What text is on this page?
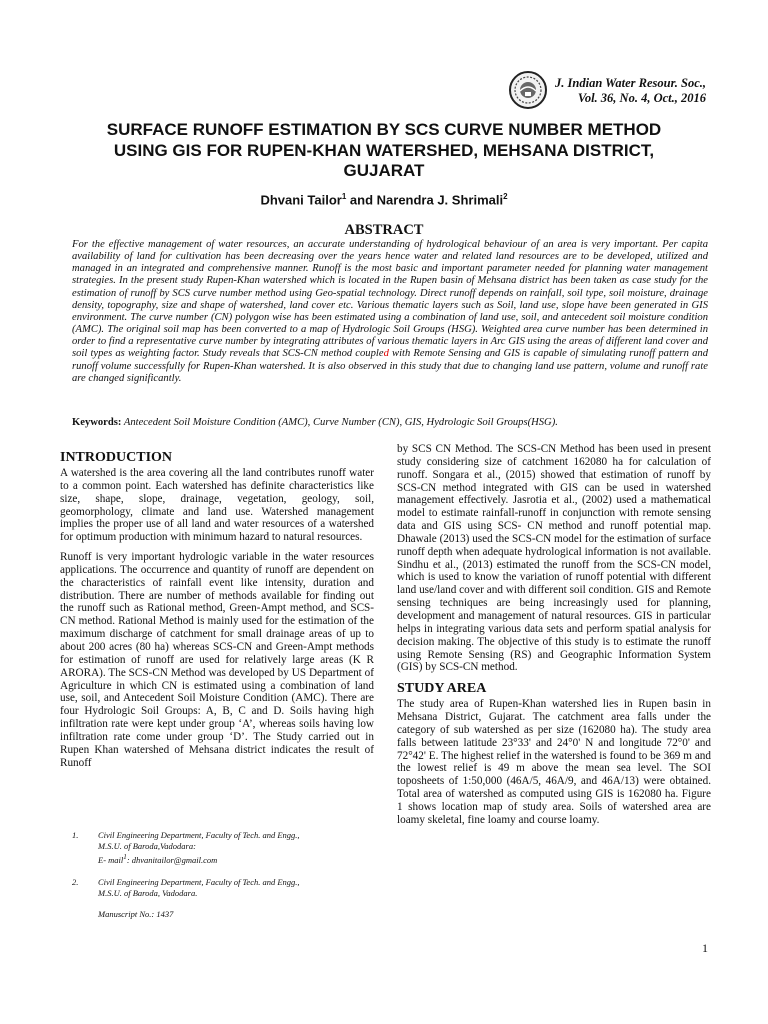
J. Indian Water Resour. Soc.,
Vol. 36, No. 4, Oct., 2016
SURFACE RUNOFF ESTIMATION BY SCS CURVE NUMBER METHOD
USING GIS FOR RUPEN-KHAN WATERSHED, MEHSANA DISTRICT,
GUJARAT
Dhvani Tailor$^1$ and Narendra J. Shrimali$^2$
ABSTRACT
For the effective management of water resources, an accurate understanding of hydrological behaviour of an area is very important. Per capita availability of land for cultivation has been decreasing over the years hence water and related land resources are to be developed, utilized and managed in an integrated and comprehensive manner. Runoff is the most basic and important parameter needed for planning water management strategies. In the present study Rupen-Khan watershed which is located in the Rupen basin of Mehsana district has been taken as case study for the estimation of runoff by SCS curve number method using Geo-spatial technology. Direct runoff depends on rainfall, soil type, soil moisture, drainage density, topography, size and shape of watershed, land cover etc. Various thematic layers such as Soil, land use, slope have been generated in GIS environment. The curve number (CN) polygon wise has been estimated using a combination of land use, soil, and antecedent soil moisture condition (AMC). The original soil map has been converted to a map of Hydrologic Soil Groups (HSG). Weighted area curve number has been determined in order to find a representative curve number by integrating attributes of various thematic layers in Arc GIS using the areas of different land cover and soil types as weighting factor. Study reveals that SCS-CN method coupled with Remote Sensing and GIS is capable of simulating runoff pattern and runoff volume successfully for Rupen-Khan watershed. It is also observed in this study that due to changing land use pattern, volume and runoff rate are changed significantly.
Keywords: Antecedent Soil Moisture Condition (AMC), Curve Number (CN), GIS, Hydrologic Soil Groups(HSG).
INTRODUCTION

A watershed is the area covering all the land contributes runoff water to a common point. Each watershed has definite characteristics like size, shape, slope, drainage, vegetation, geology, soil, geomorphology, climate and land use. Watershed management implies the proper use of all land and water resources of a watershed for optimum production with minimum hazard to natural resources.

Runoff is very important hydrologic variable in the water resources applications. The occurrence and quantity of runoff are dependent on the characteristics of rainfall event like intensity, duration and distribution. There are number of methods available for finding out the runoff such as Rational method, Green-Ampt method, and SCS-CN method. Rational Method is mainly used for the estimation of the maximum discharge of catchment for small drainage areas of up to about 200 acres (80 ha) whereas SCS-CN and Green-Ampt methods for estimation of runoff are used for relatively large areas (K R ARORA). The SCS-CN Method was developed by US Department of Agriculture in which CN is estimated using a combination of land use, soil, and Antecedent Soil Moisture Condition (AMC). There are four Hydrologic Soil Groups: A, B, C and D. Soils having high infiltration rate were kept under group ‘A’, whereas soils having low infiltration rate come under group ‘D’. The Study carried out in Rupen Khan watershed of Mehsana district indicates the result of Runoff

1. Civil Engineering Department, Faculty of Tech. and Engg.,
M.S.U. of Baroda,Vadodara:
E- mail$^1$: dhvanitailor@gmail.com
2. Civil Engineering Department, Faculty of Tech. and Engg.,
M.S.U. of Baroda, Vadodara.
Manuscript No.: 1437

by SCS CN Method. The SCS-CN Method has been used in present study considering size of catchment 162080 ha for calculation of runoff. Songara et al., (2015) showed that estimation of runoff by SCS-CN method integrated with GIS can be used in watershed management effectively. Jasrotia et al., (2002) used a mathematical model to estimate rainfall-runoff in conjunction with remote sensing data and GIS using SCS- CN method and runoff potential map. Dhawale (2013) used the SCS-CN model for the estimation of surface runoff depth when adequate hydrological information is not available. Sindhu et al., (2013) estimated the runoff from the SCS-CN model, which is used to know the variation of runoff potential with different land use/land cover and with different soil condition. GIS and Remote sensing techniques are being increasingly used for planning, development and management of natural resources. GIS in particular helps in integrating various data sets and perform spatial analysis for decision making. The objective of this study is to estimate the runoff using Remote Sensing (RS) and Geographic Information System (GIS) by SCS-CN method.

STUDY AREA

The study area of Rupen-Khan watershed lies in Rupen basin in Mehsana District, Gujarat. The catchment area falls under the category of sub watershed as per size (162080 ha). The study area falls between latitude 23°33' and 24°0' N and longitude 72°0' and 72°42' E. The highest relief in the watershed is found to be 369 m and the lowest relief is 49 m above the mean sea level. The SOI toposheets of 1:50,000 (46A/5, 46A/9, and 46A/13) were obtained. Total area of watershed as computed using GIS is 162080 ha. Figure 1 shows location map of study area. Soils of watershed area are loamy skeletal, fine loamy and course loamy.

1
